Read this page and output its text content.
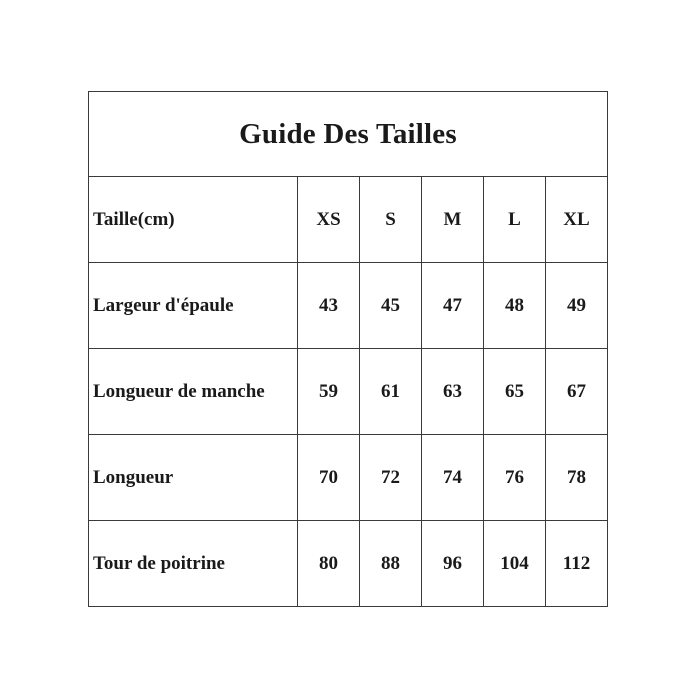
Guide Des Tailles					
Taille(cm)	XS	S	M	L	XL
Largeur d'épaule	43	45	47	48	49
Longueur de manche	59	61	63	65	67
Longueur	70	72	74	76	78
Tour de poitrine	80	88	96	104	112
